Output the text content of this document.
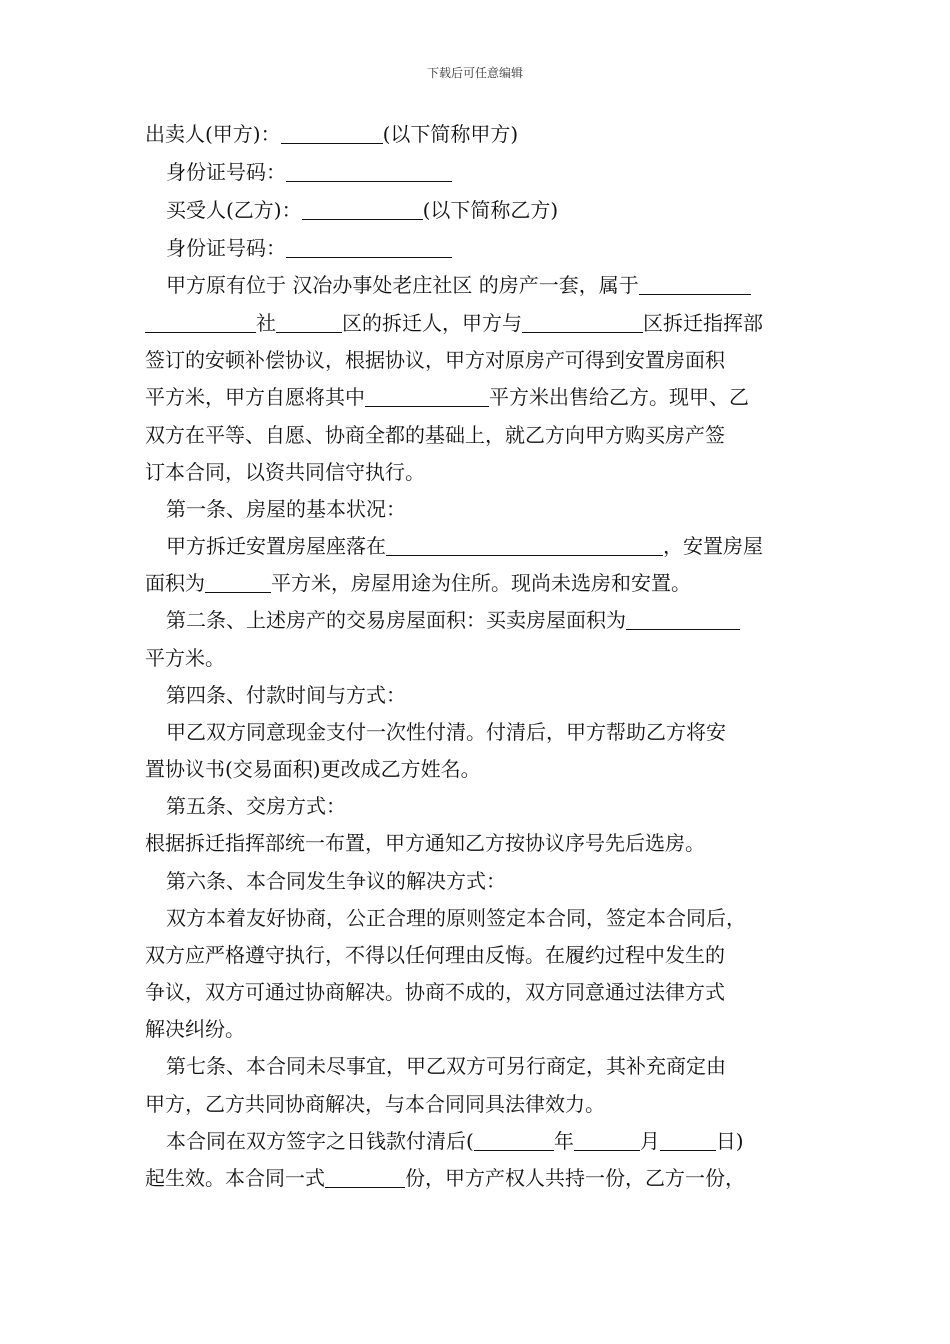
下载后可任意编辑
出卖人(甲方)：	(以下简称甲方)
身份证号码：
买受人(乙方)：	(以下简称乙方)
身份证号码：
甲方原有位于 汉冶办事处老庄社区 的房产一套，属于
社	区的拆迁人，甲方与	区拆迁指挥部
签订的安顿补偿协议，根据协议，甲方对原房产可得到安置房面积
平方米，甲方自愿将其中	平方米出售给乙方。现甲、乙
双方在平等、自愿、协商全都的基础上，就乙方向甲方购买房产签
订本合同，以资共同信守执行。
第一条、房屋的基本状况：
甲方拆迁安置房屋座落在	，安置房屋
面积为	平方米，房屋用途为住所。现尚未选房和安置。
第二条、上述房产的交易房屋面积：买卖房屋面积为
平方米。
第四条、付款时间与方式：
甲乙双方同意现金支付一次性付清。付清后，甲方帮助乙方将安
置协议书(交易面积)更改成乙方姓名。
第五条、交房方式：
根据拆迁指挥部统一布置，甲方通知乙方按协议序号先后选房。
第六条、本合同发生争议的解决方式：
双方本着友好协商，公正合理的原则签定本合同，签定本合同后，
双方应严格遵守执行，不得以任何理由反悔。在履约过程中发生的
争议，双方可通过协商解决。协商不成的，双方同意通过法律方式
解决纠纷。
第七条、本合同未尽事宜，甲乙双方可另行商定，其补充商定由
甲方，乙方共同协商解决，与本合同同具法律效力。
本合同在双方签字之日钱款付清后(	年	月	日)
起生效。本合同一式	份，甲方产权人共持一份，乙方一份，
